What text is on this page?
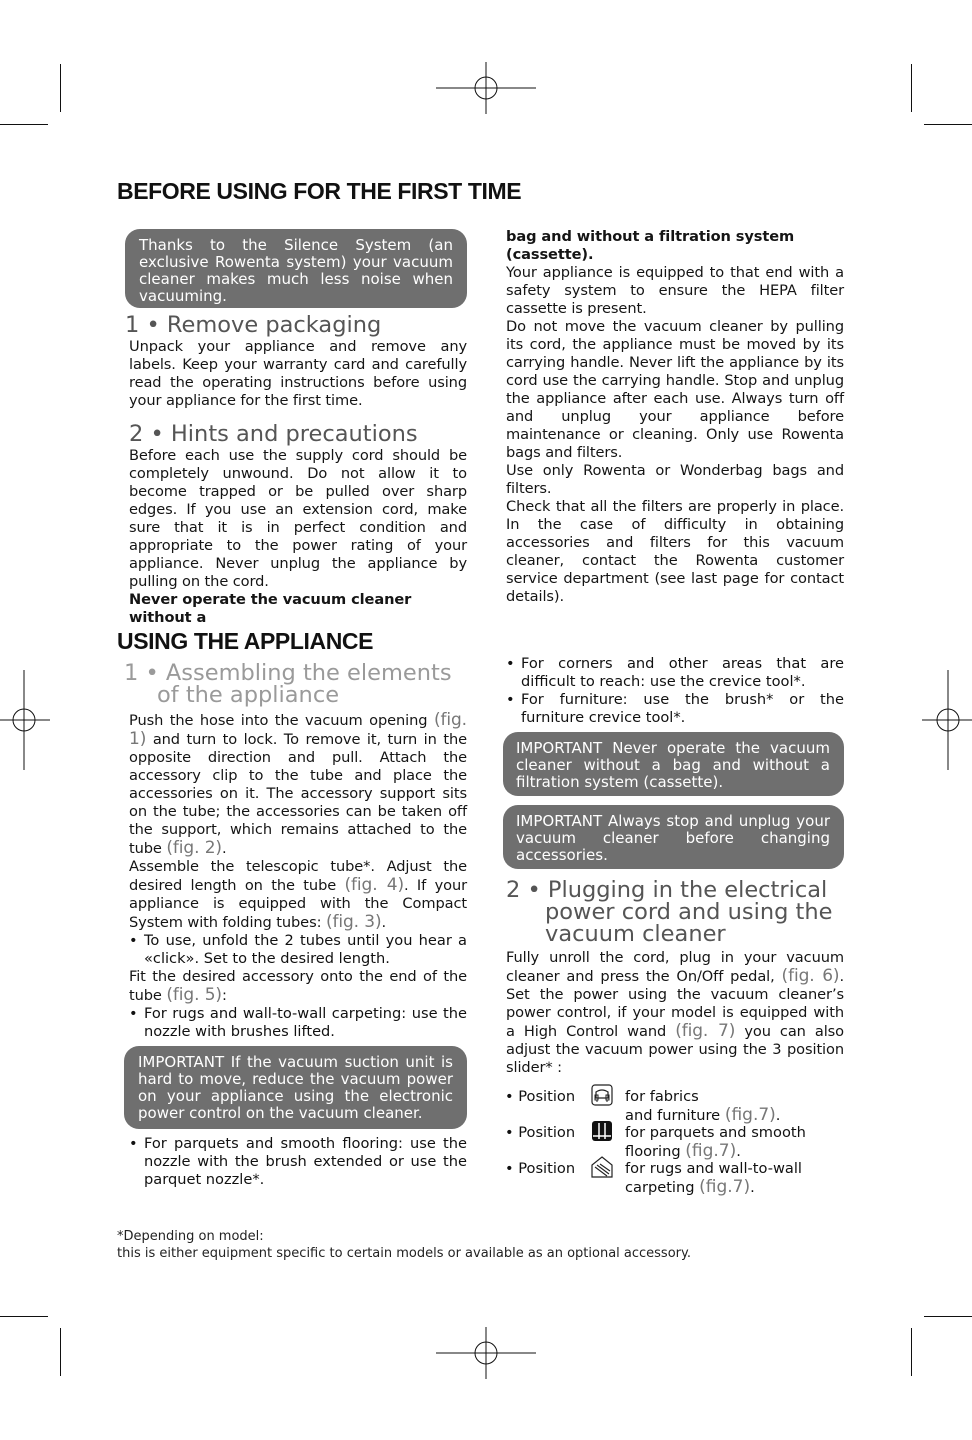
BEFORE USING FOR THE FIRST TIME
Thanks to the Silence System (an exclusive Rowenta system) your vacuum cleaner makes much less noise when vacuuming.

1 • Remove packaging

Unpack your appliance and remove any labels. Keep your warranty card and carefully read the operating instructions before using your appliance for the first time.

2 • Hints and precautions

Before each use the supply cord should be completely unwound. Do not allow it to become trapped or be pulled over sharp edges. If you use an extension cord, make sure that it is in perfect condition and appropriate to the power rating of your appliance. Never unplug the appliance by pulling on the cord.

Never operate the vacuum cleaner without a

bag and without a filtration system (cassette).

Your appliance is equipped to that end with a safety system to ensure the HEPA filter cassette is present.

Do not move the vacuum cleaner by pulling its cord, the appliance must be moved by its carrying handle. Never lift the appliance by its cord use the carrying handle. Stop and unplug the appliance after each use. Always turn off and unplug your appliance before maintenance or cleaning. Only use Rowenta bags and filters.

Use only Rowenta or Wonderbag bags and filters.

Check that all the filters are properly in place. In the case of difficulty in obtaining accessories and filters for this vacuum cleaner, contact the Rowenta customer service department (see last page for contact details).

USING THE APPLIANCE

1 • Assembling the elements

of the appliance

Push the hose into the vacuum opening (fig. 1) and turn to lock. To remove it, turn in the opposite direction and pull. Attach the accessory clip to the tube and place the accessories on it. The accessory support sits on the tube; the accessories can be taken off the support, which remains attached to the tube (fig. 2).

Assemble the telescopic tube*. Adjust the desired length on the tube (fig. 4). If your appliance is equipped with the Compact System with folding tubes: (fig. 3).

• To use, unfold the 2 tubes until you hear a «click». Set to the desired length.

Fit the desired accessory onto the end of the tube (fig. 5):

• For rugs and wall-to-wall carpeting: use the nozzle with brushes lifted.
IMPORTANT If the vacuum suction unit is hard to move, reduce the vacuum power on your appliance using the electronic power control on the vacuum cleaner.
• For parquets and smooth flooring: use the nozzle with the brush extended or use the parquet nozzle*.
• For corners and other areas that are difficult to reach: use the crevice tool*.
• For furniture: use the brush* or the furniture crevice tool*.
IMPORTANT Never operate the vacuum cleaner without a bag and without a filtration system (cassette).
IMPORTANT Always stop and unplug your vacuum cleaner before changing accessories.

2 • Plugging in the electrical

power cord and using the

vacuum cleaner

Fully unroll the cord, plug in your vacuum cleaner and press the On/Off pedal, (fig. 6). Set the power using the vacuum cleaner’s power control, if your model is equipped with a High Control wand (fig. 7) you can also adjust the vacuum power using the 3 position slider* :

• Position	for fabrics
and furniture (fig.7).
• Position	for parquets and smooth
flooring (fig.7).
• Position	for rugs and wall-to-wall
carpeting (fig.7).
*Depending on model:
this is either equipment specific to certain models or available as an optional accessory.
